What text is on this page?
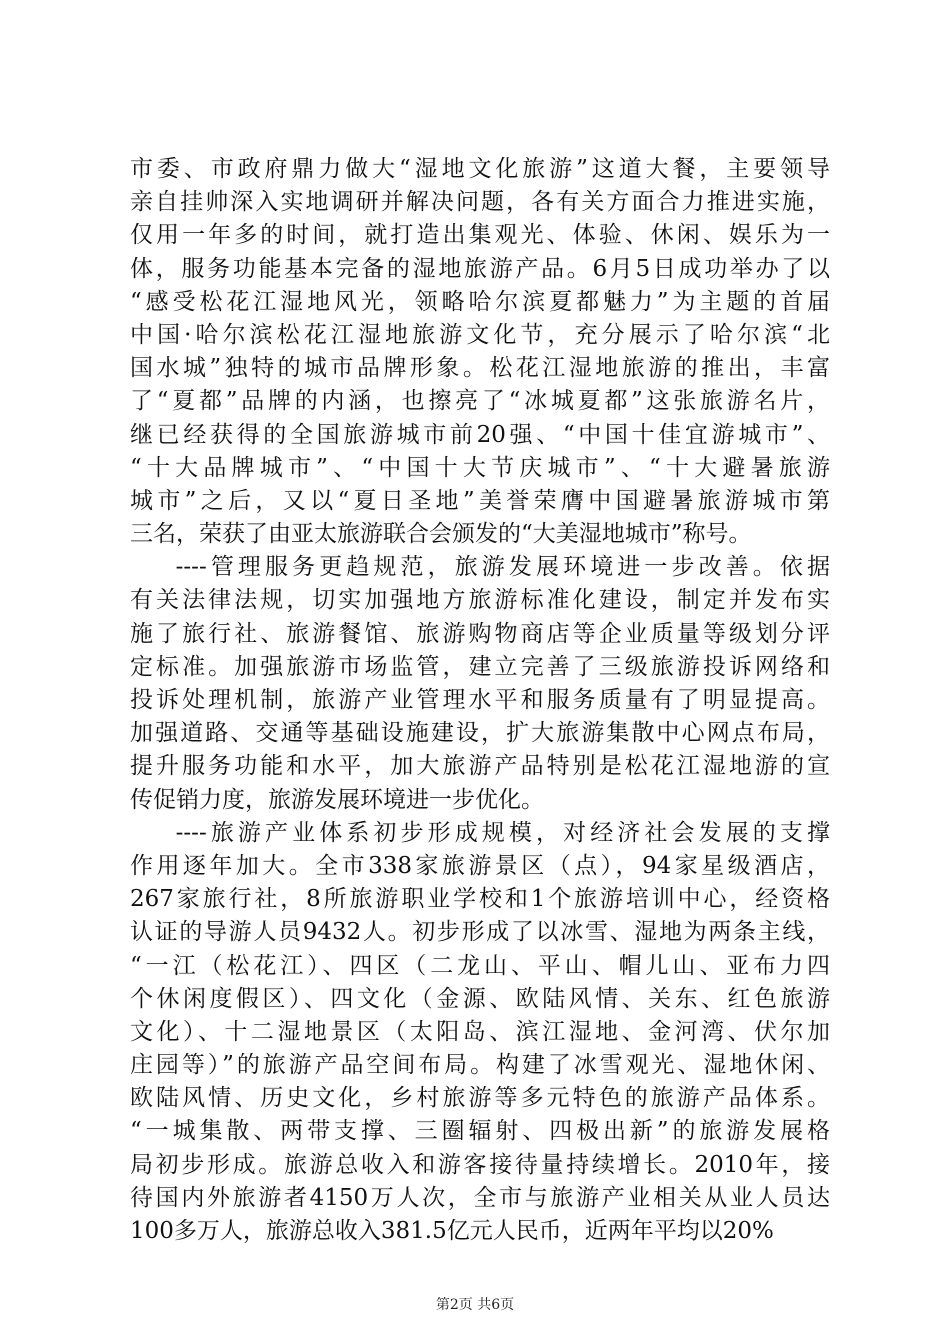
市委、市政府鼎力做大“湿地文化旅游”这道大餐，主要领导
亲自挂帅深入实地调研并解决问题，各有关方面合力推进实施，
仅用一年多的时间，就打造出集观光、体验、休闲、娱乐为一
体，服务功能基本完备的湿地旅游产品。6月5日成功举办了以
“感受松花江湿地风光，领略哈尔滨夏都魅力”为主题的首届
中国·哈尔滨松花江湿地旅游文化节，充分展示了哈尔滨“北
国水城”独特的城市品牌形象。松花江湿地旅游的推出，丰富
了“夏都”品牌的内涵，也擦亮了“冰城夏都”这张旅游名片，
继已经获得的全国旅游城市前20强、“中国十佳宜游城市”、
“十大品牌城市”、“中国十大节庆城市”、“十大避暑旅游
城市”之后，又以“夏日圣地”美誉荣膺中国避暑旅游城市第
三名，荣获了由亚太旅游联合会颁发的“大美湿地城市”称号。
----管理服务更趋规范，旅游发展环境进一步改善。依据
有关法律法规，切实加强地方旅游标准化建设，制定并发布实
施了旅行社、旅游餐馆、旅游购物商店等企业质量等级划分评
定标准。加强旅游市场监管，建立完善了三级旅游投诉网络和
投诉处理机制，旅游产业管理水平和服务质量有了明显提高。
加强道路、交通等基础设施建设，扩大旅游集散中心网点布局，
提升服务功能和水平，加大旅游产品特别是松花江湿地游的宣
传促销力度，旅游发展环境进一步优化。
----旅游产业体系初步形成规模，对经济社会发展的支撑
作用逐年加大。全市338家旅游景区（点），94家星级酒店，
267家旅行社，8所旅游职业学校和1个旅游培训中心，经资格
认证的导游人员9432人。初步形成了以冰雪、湿地为两条主线，
“一江（松花江）、四区（二龙山、平山、帽儿山、亚布力四
个休闲度假区）、四文化（金源、欧陆风情、关东、红色旅游
文化）、十二湿地景区（太阳岛、滨江湿地、金河湾、伏尔加
庄园等）”的旅游产品空间布局。构建了冰雪观光、湿地休闲、
欧陆风情、历史文化，乡村旅游等多元特色的旅游产品体系。
“一城集散、两带支撑、三圈辐射、四极出新”的旅游发展格
局初步形成。旅游总收入和游客接待量持续增长。2010年，接
待国内外旅游者4150万人次，全市与旅游产业相关从业人员达
100多万人，旅游总收入381.5亿元人民币，近两年平均以20%
第2页 共6页
